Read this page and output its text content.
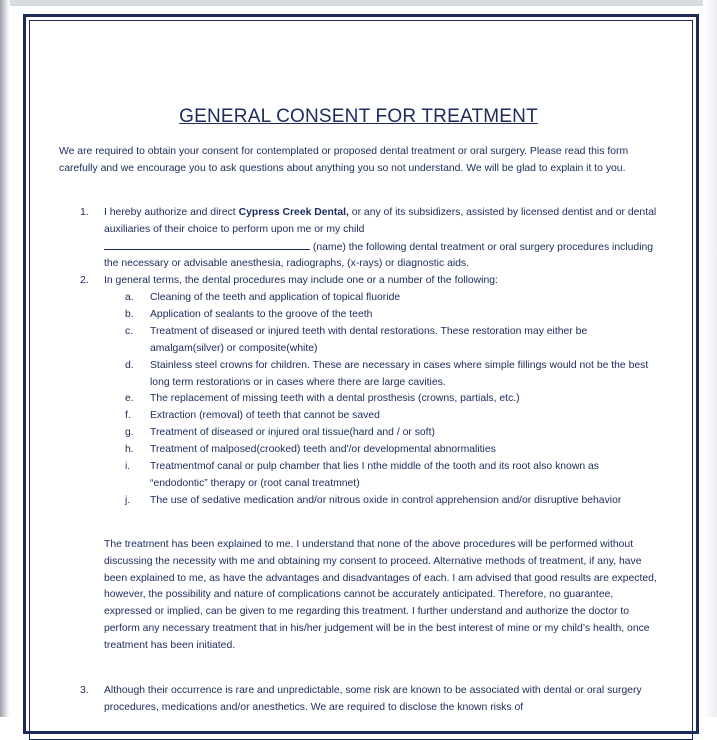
GENERAL CONSENT FOR TREATMENT
We are required to obtain your consent for contemplated or proposed dental treatment or oral surgery. Please read this form carefully and we encourage you to ask questions about anything you so not understand. We will be glad to explain it to you.
1. I hereby authorize and direct Cypress Creek Dental, or any of its subsidizers, assisted by licensed dentist and or dental auxiliaries of their choice to perform upon me or my child
(name) the following dental treatment or oral surgery procedures including the necessary or advisable anesthesia, radiographs, (x-rays) or diagnostic aids.
2. In general terms, the dental procedures may include one or a number of the following:
a. Cleaning of the teeth and application of topical fluoride
b. Application of sealants to the groove of the teeth
c. Treatment of diseased or injured teeth with dental restorations. These restoration may either be amalgam(silver) or composite(white)
d. Stainless steel crowns for children. These are necessary in cases where simple fillings would not be the best long term restorations or in cases where there are large cavities.
e. The replacement of missing teeth with a dental prosthesis (crowns, partials, etc.)
f. Extraction (removal) of teeth that cannot be saved
g. Treatment of diseased or injured oral tissue(hard and / or soft)
h. Treatment of malposed(crooked) teeth and'/or developmental abnormalities
i. Treatmentmof canal or pulp chamber that lies I nthe middle of the tooth and its root also known as “endodontic” therapy or (root canal treatmnet)
j. The use of sedative medication and/or nitrous oxide in control apprehension and/or disruptive behavior
The treatment has been explained to me. I understand that none of the above procedures will be performed without discussing the necessity with me and obtaining my consent to proceed. Alternative methods of treatment, if any, have been explained to me, as have the advantages and disadvantages of each. I am advised that good results are expected, however, the possibility and nature of complications cannot be accurately anticipated. Therefore, no guarantee, expressed or implied, can be given to me regarding this treatment. I further understand and authorize the doctor to perform any necessary treatment that in his/her judgement will be in the best interest of mine or my child’s health, once treatment has been initiated.
3. Although their occurrence is rare and unpredictable, some risk are known to be associated with dental or oral surgery procedures, medications and/or anesthetics. We are required to disclose the known risks of
